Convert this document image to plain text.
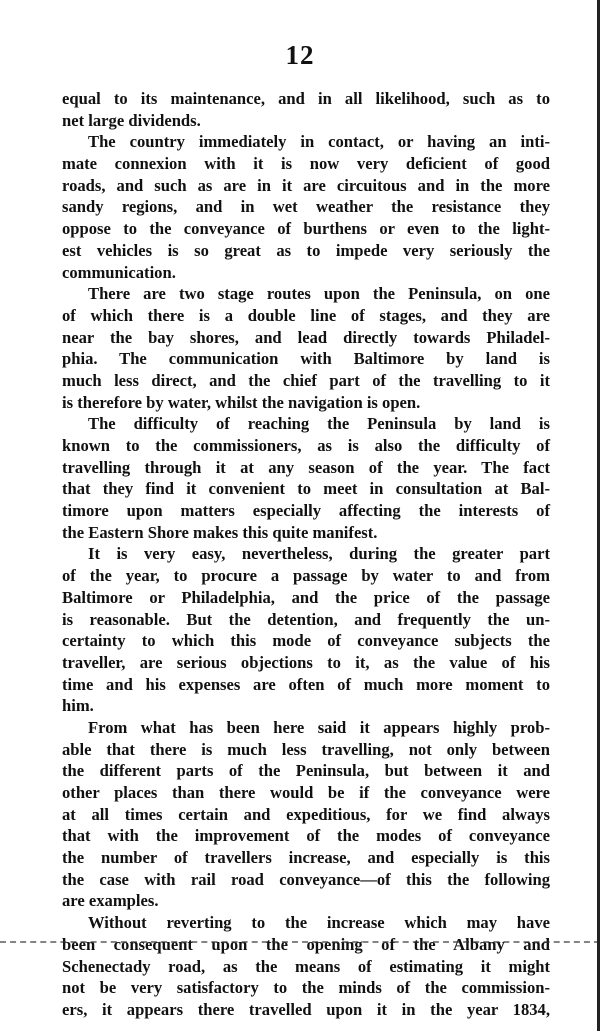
12
equal to its maintenance, and in all likelihood, such as to
net large dividends.
The country immediately in contact, or having an inti-
mate connexion with it is now very deficient of good
roads, and such as are in it are circuitous and in the more
sandy regions, and in wet weather the resistance they
oppose to the conveyance of burthens or even to the light-
est vehicles is so great as to impede very seriously the
communication.
There are two stage routes upon the Peninsula, on one
of which there is a double line of stages, and they are
near the bay shores, and lead directly towards Philadel-
phia. The communication with Baltimore by land is
much less direct, and the chief part of the travelling to it
is therefore by water, whilst the navigation is open.
The difficulty of reaching the Peninsula by land is
known to the commissioners, as is also the difficulty of
travelling through it at any season of the year. The fact
that they find it convenient to meet in consultation at Bal-
timore upon matters especially affecting the interests of
the Eastern Shore makes this quite manifest.
It is very easy, nevertheless, during the greater part
of the year, to procure a passage by water to and from
Baltimore or Philadelphia, and the price of the passage
is reasonable. But the detention, and frequently the un-
certainty to which this mode of conveyance subjects the
traveller, are serious objections to it, as the value of his
time and his expenses are often of much more moment to
him.
From what has been here said it appears highly prob-
able that there is much less travelling, not only between
the different parts of the Peninsula, but between it and
other places than there would be if the conveyance were
at all times certain and expeditious, for we find always
that with the improvement of the modes of conveyance
the number of travellers increase, and especially is this
the case with rail road conveyance—of this the following
are examples.
Without reverting to the increase which may have
been consequent upon the opening of the Albany and
Schenectady road, as the means of estimating it might
not be very satisfactory to the minds of the commission-
ers, it appears there travelled upon it in the year 1834,
